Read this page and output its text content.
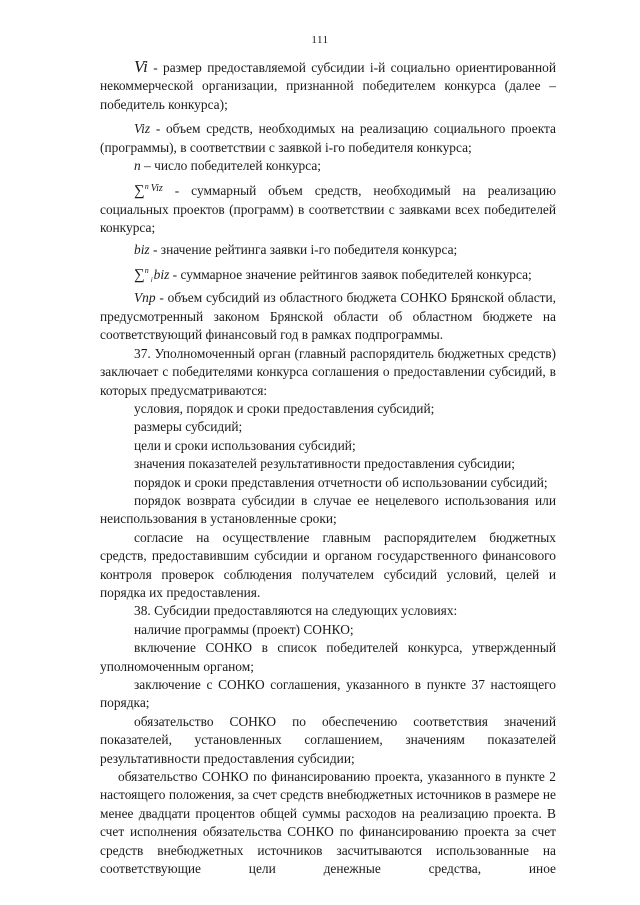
111

Vi - размер предоставляемой субсидии i-й социально ориентированной некоммерческой организации, признанной победителем конкурса (далее – победитель конкурса);

Viz - объем средств, необходимых на реализацию социального проекта (программы), в соответствии с заявкой i-го победителя конкурса;

n – число победителей конкурса;

∑$^n$ $^{Viz}$ - суммарный объем средств, необходимый на реализацию социальных проектов (программ) в соответствии с заявками всех победителей конкурса;

biz - значение рейтинга заявки i-го победителя конкурса;

∑$^n_i$biz - суммарное значение рейтингов заявок победителей конкурса;

Vnp - объем субсидий из областного бюджета СОНКО Брянской области, предусмотренный законом Брянской области об областном бюджете на соответствующий финансовый год в рамках подпрограммы.

37. Уполномоченный орган (главный распорядитель бюджетных средств) заключает с победителями конкурса соглашения о предоставлении субсидий, в которых предусматриваются:

условия, порядок и сроки предоставления субсидий;

размеры субсидий;

цели и сроки использования субсидий;

значения показателей результативности предоставления субсидии;

порядок и сроки представления отчетности об использовании субсидий;

порядок возврата субсидии в случае ее нецелевого использования или неиспользования в установленные сроки;

согласие на осуществление главным распорядителем бюджетных средств, предоставившим субсидии и органом государственного финансового контроля проверок соблюдения получателем субсидий условий, целей и порядка их предоставления.

38. Субсидии предоставляются на следующих условиях:

наличие программы (проект) СОНКО;

включение СОНКО в список победителей конкурса, утвержденный уполномоченным органом;

заключение с СОНКО соглашения, указанного в пункте 37 настоящего порядка;

обязательство СОНКО по обеспечению соответствия значений показателей, установленных соглашением, значениям показателей результативности предоставления субсидии;

обязательство СОНКО по финансированию проекта, указанного в пункте 2 настоящего положения, за счет средств внебюджетных источников в размере не менее двадцати процентов общей суммы расходов на реализацию проекта. В счет исполнения обязательства СОНКО по финансированию проекта за счет средств внебюджетных источников засчитываются использованные на соответствующие цели денежные средства, иное
